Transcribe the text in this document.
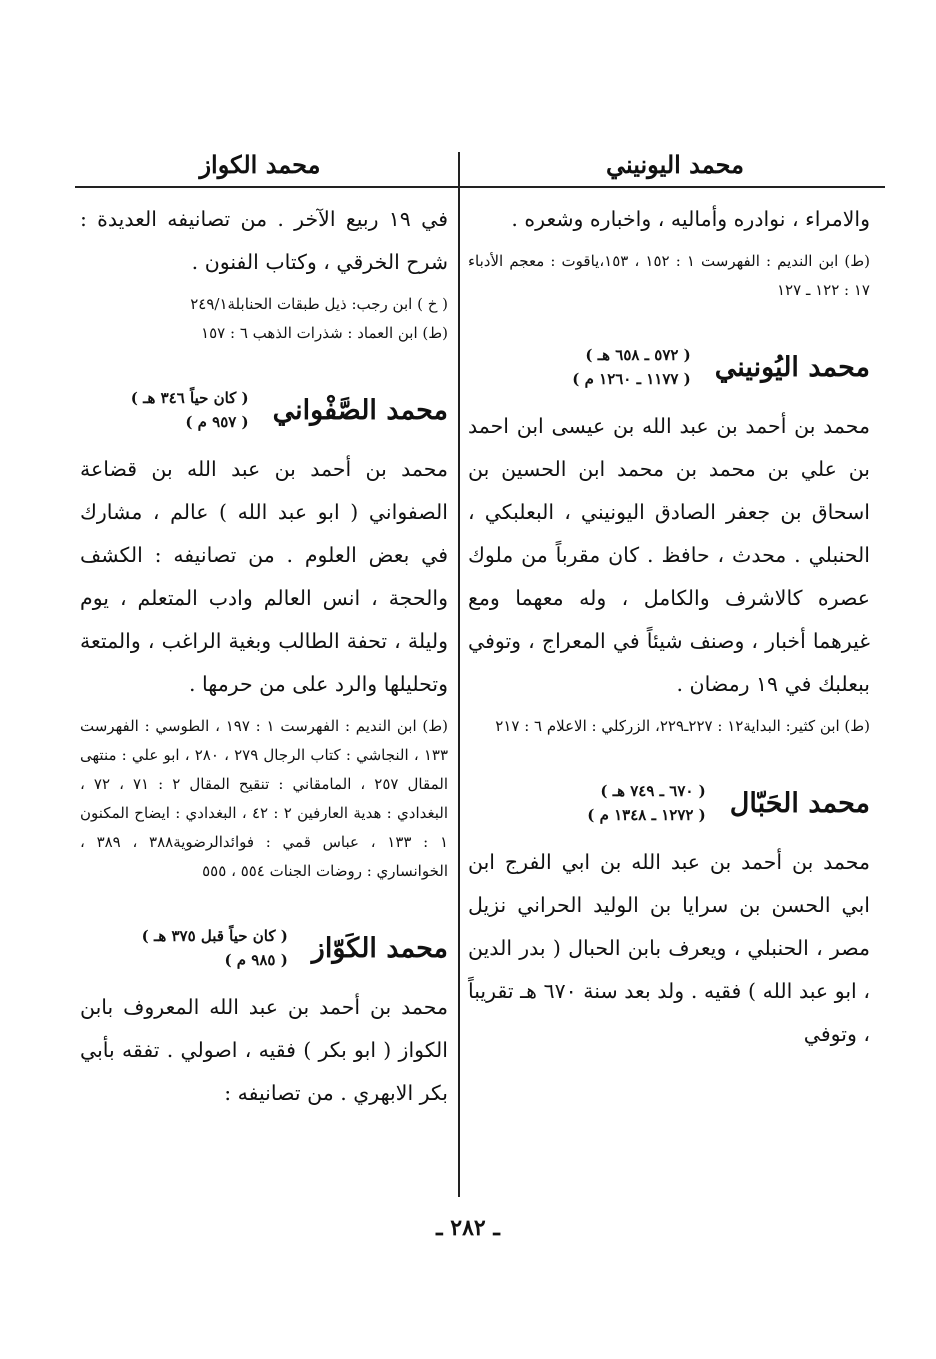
محمد اليونيني
محمد الكواز

والامراء ، نوادره وأماليه ، واخباره وشعره .

(ط) ابن النديم : الفهرست ١ : ١٥٢ ، ١٥٣،ياقوت : معجم الأدباء ١٧ : ١٢٢ ـ ١٢٧

محمد اليُونيني
( ٥٧٢ ـ ٦٥٨ هـ )
( ١١٧٧ ـ ١٢٦٠ م )

محمد بن أحمد بن عبد الله بن عيسى ابن احمد بن علي بن محمد بن محمد ابن الحسين بن اسحاق بن جعفر الصادق اليونيني ، البعلبكي ، الحنبلي . محدث ، حافظ . كان مقرباً من ملوك عصره كالاشرف والكامل ، وله معهما ومع غيرهما أخبار ، وصنف شيئاً في المعراج ، وتوفي ببعلبك في ١٩ رمضان .

(ط) ابن كثير: البداية١٢ : ٢٢٧ـ٢٢٩، الزركلي : الاعلام ٦ : ٢١٧

محمد الحَبّال
( ٦٧٠ ـ ٧٤٩ هـ )
( ١٢٧٢ ـ ١٣٤٨ م )

محمد بن أحمد بن عبد الله بن ابي الفرج ابن ابي الحسن بن سرايا بن الوليد الحراني نزيل مصر ، الحنبلي ، ويعرف بابن الحبال ( بدر الدين ، ابو عبد الله ) فقيه . ولد بعد سنة ٦٧٠ هـ تقريباً ، وتوفي

في ١٩ ربيع الآخر . من تصانيفه العديدة : شرح الخرقي ، وكتاب الفنون .

( خ ) ابن رجب: ذيل طبقات الحنابلة٢٤٩/١

(ط) ابن العماد : شذرات الذهب ٦ : ١٥٧

محمد الصَّفْواني
( كان حياً ٣٤٦ هـ )
( ٩٥٧ م )

محمد بن أحمد بن عبد الله بن قضاعة الصفواني ( ابو عبد الله ) عالم ، مشارك في بعض العلوم . من تصانيفه : الكشف والحجة ، انس العالم وادب المتعلم ، يوم وليلة ، تحفة الطالب وبغية الراغب ، والمتعة وتحليلها والرد على من حرمها .

(ط) ابن النديم : الفهرست ١ : ١٩٧ ، الطوسي : الفهرست ١٣٣ ، النجاشي : كتاب الرجال ٢٧٩ ، ٢٨٠ ، ابو علي : منتهى المقال ٢٥٧ ، المامقاني : تنقيح المقال ٢ : ٧١ ، ٧٢ ، البغدادي : هدية العارفين ٢ : ٤٢ ، البغدادي : ايضاح المكنون ١ : ١٣٣ ، عباس قمي : فوائدالرضوية٣٨٨ ، ٣٨٩ ، الخوانساري : روضات الجنات ٥٥٤ ، ٥٥٥

محمد الكَوّاز
( كان حياً قبل ٣٧٥ هـ )
( ٩٨٥ م )

محمد بن أحمد بن عبد الله المعروف بابن الكواز ( ابو بكر ) فقيه ، اصولي . تفقه بأبي بكر الابهري . من تصانيفه :

ـ ٢٨٢ ـ
